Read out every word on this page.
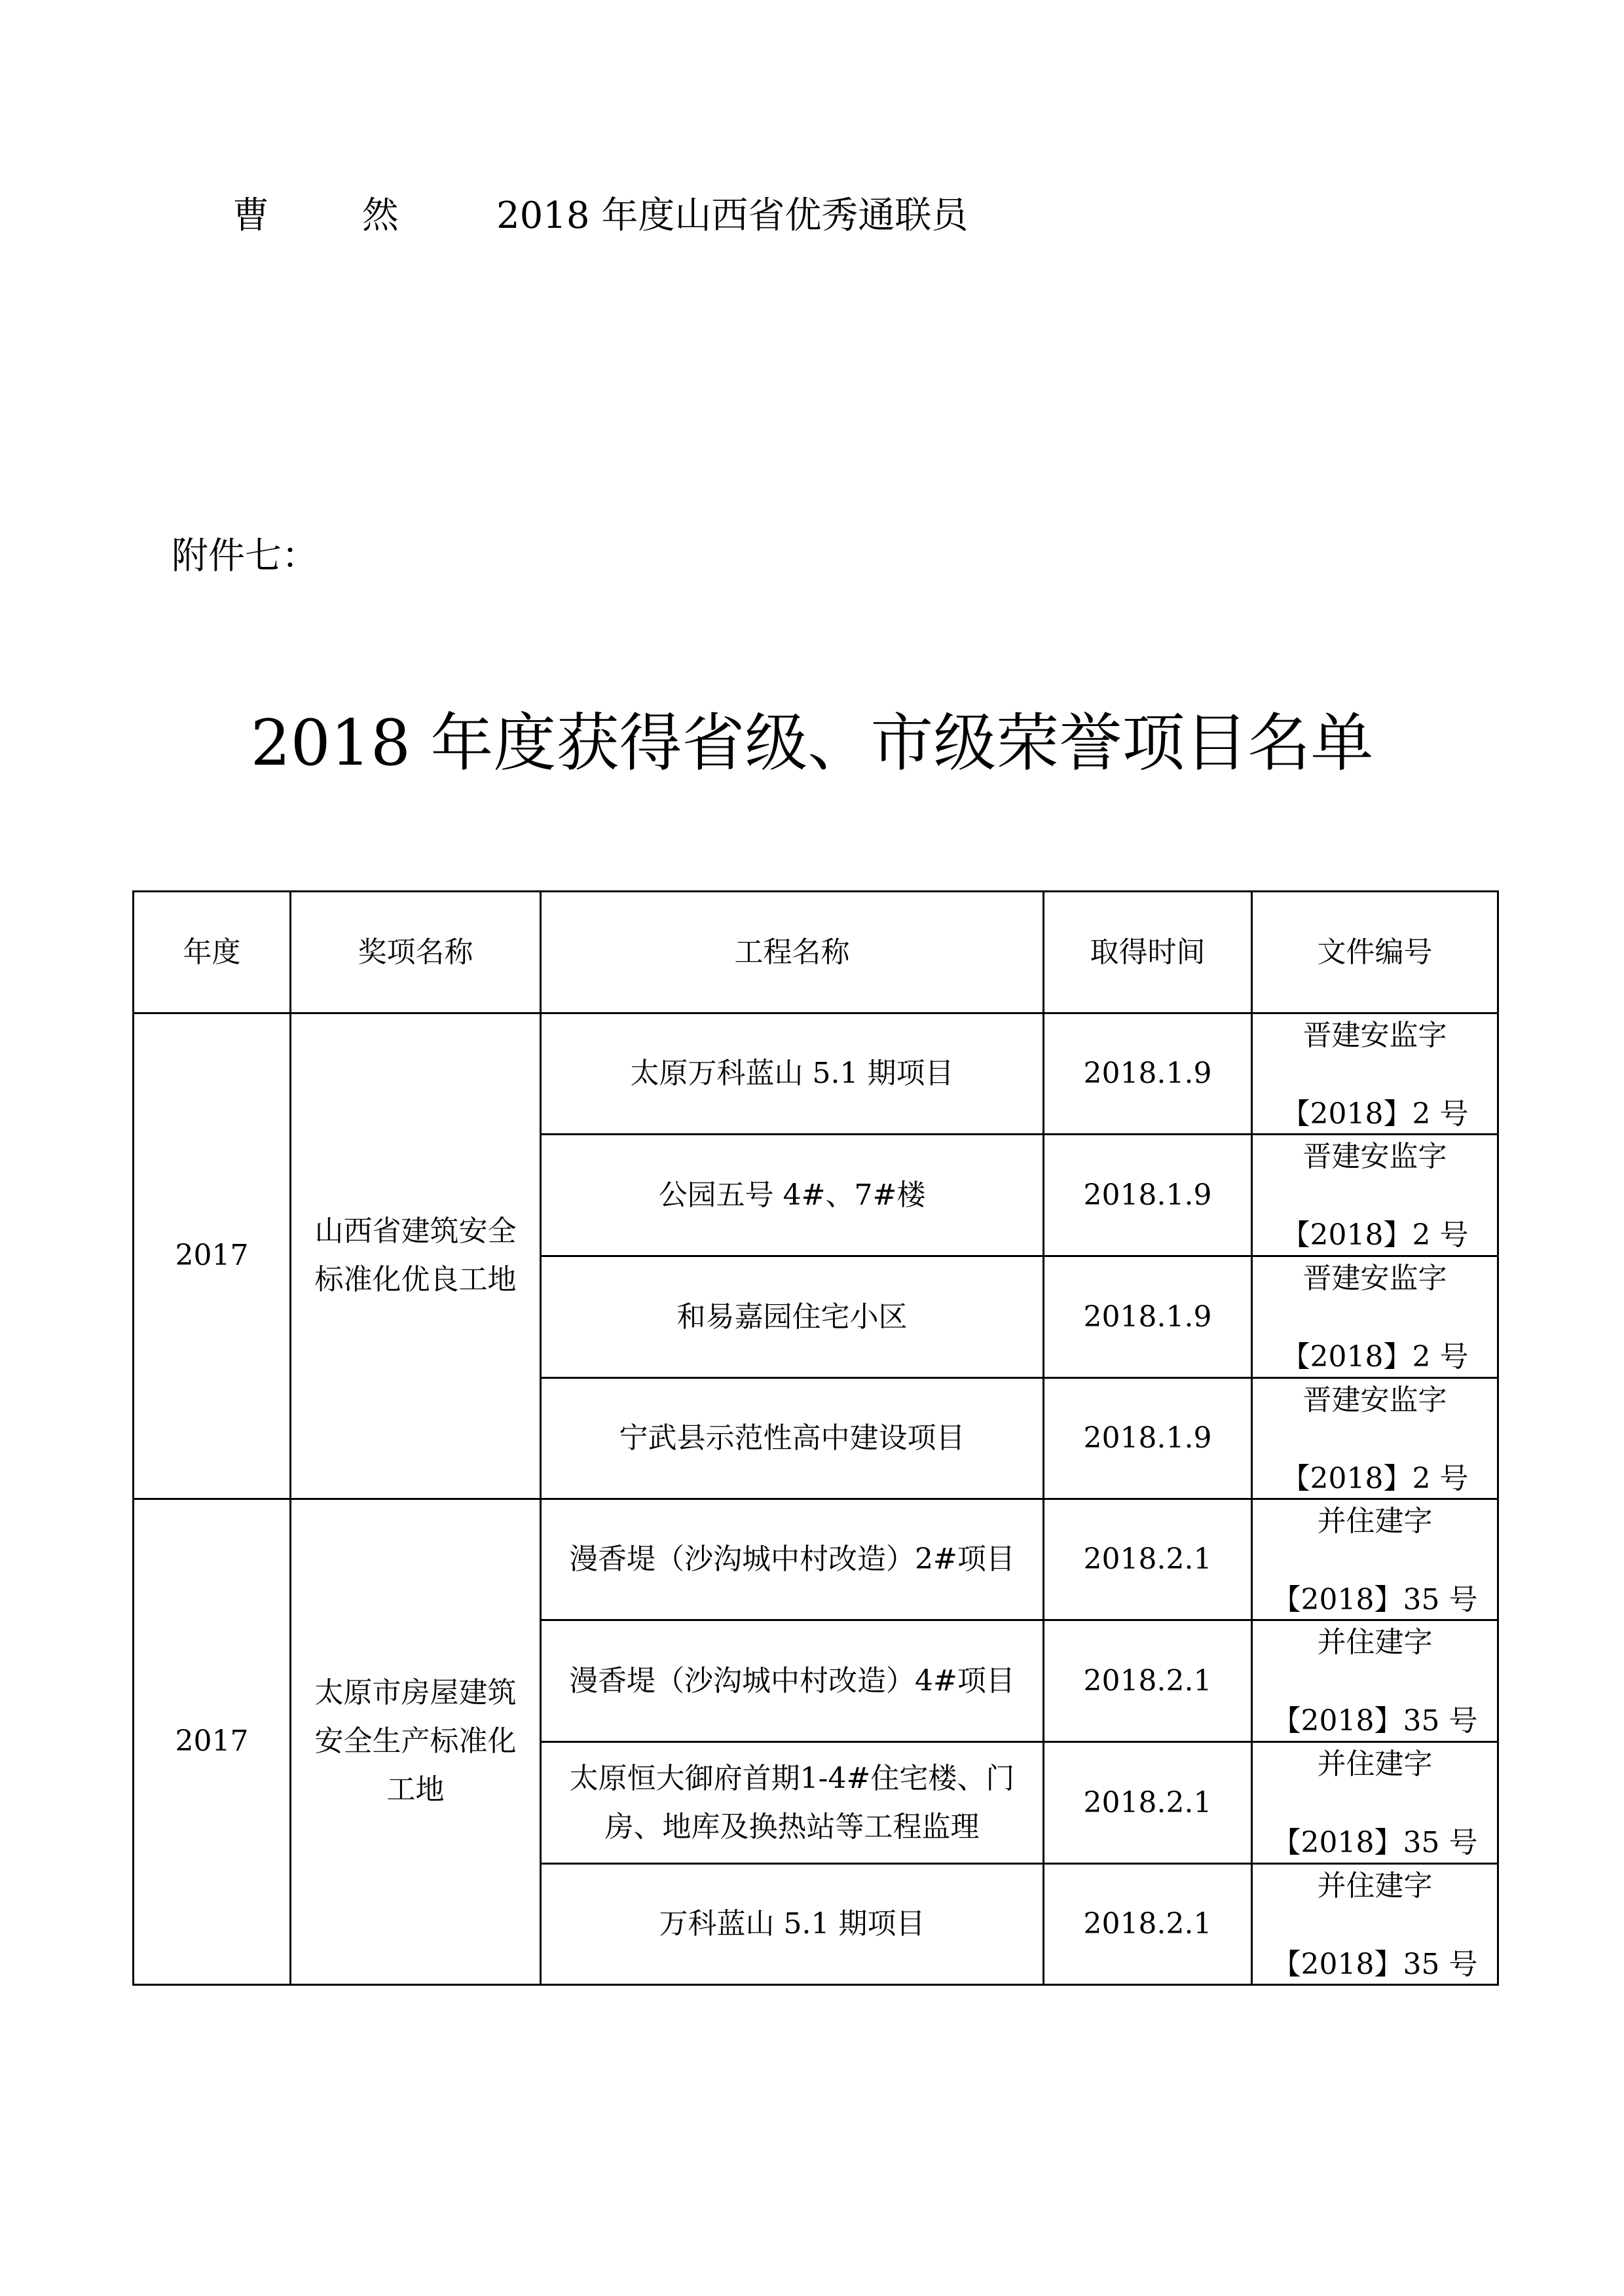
曹 然 2018 年度山西省优秀通联员
附件七：
2018 年度获得省级、市级荣誉项目名单
年度	奖项名称	工程名称	取得时间	文件编号
2017	山西省建筑安全标准化优良工地	太原万科蓝山 5.1 期项目	2018.1.9	晋建安监字
【2018】2 号

		公园五号 4#、7#楼	2018.1.9	晋建安监字
【2018】2 号

		和易嘉园住宅小区	2018.1.9	晋建安监字
【2018】2 号

		宁武县示范性高中建设项目	2018.1.9	晋建安监字
【2018】2 号

2017	太原市房屋建筑安全生产标准化工地	漫香堤（沙沟城中村改造）2#项目	2018.2.1	并住建字
【2018】35 号

		漫香堤（沙沟城中村改造）4#项目	2018.2.1	并住建字
【2018】35 号

		太原恒大御府首期1-4#住宅楼、门房、地库及换热站等工程监理	2018.2.1	并住建字
【2018】35 号

		万科蓝山 5.1 期项目	2018.2.1	并住建字
【2018】35 号
